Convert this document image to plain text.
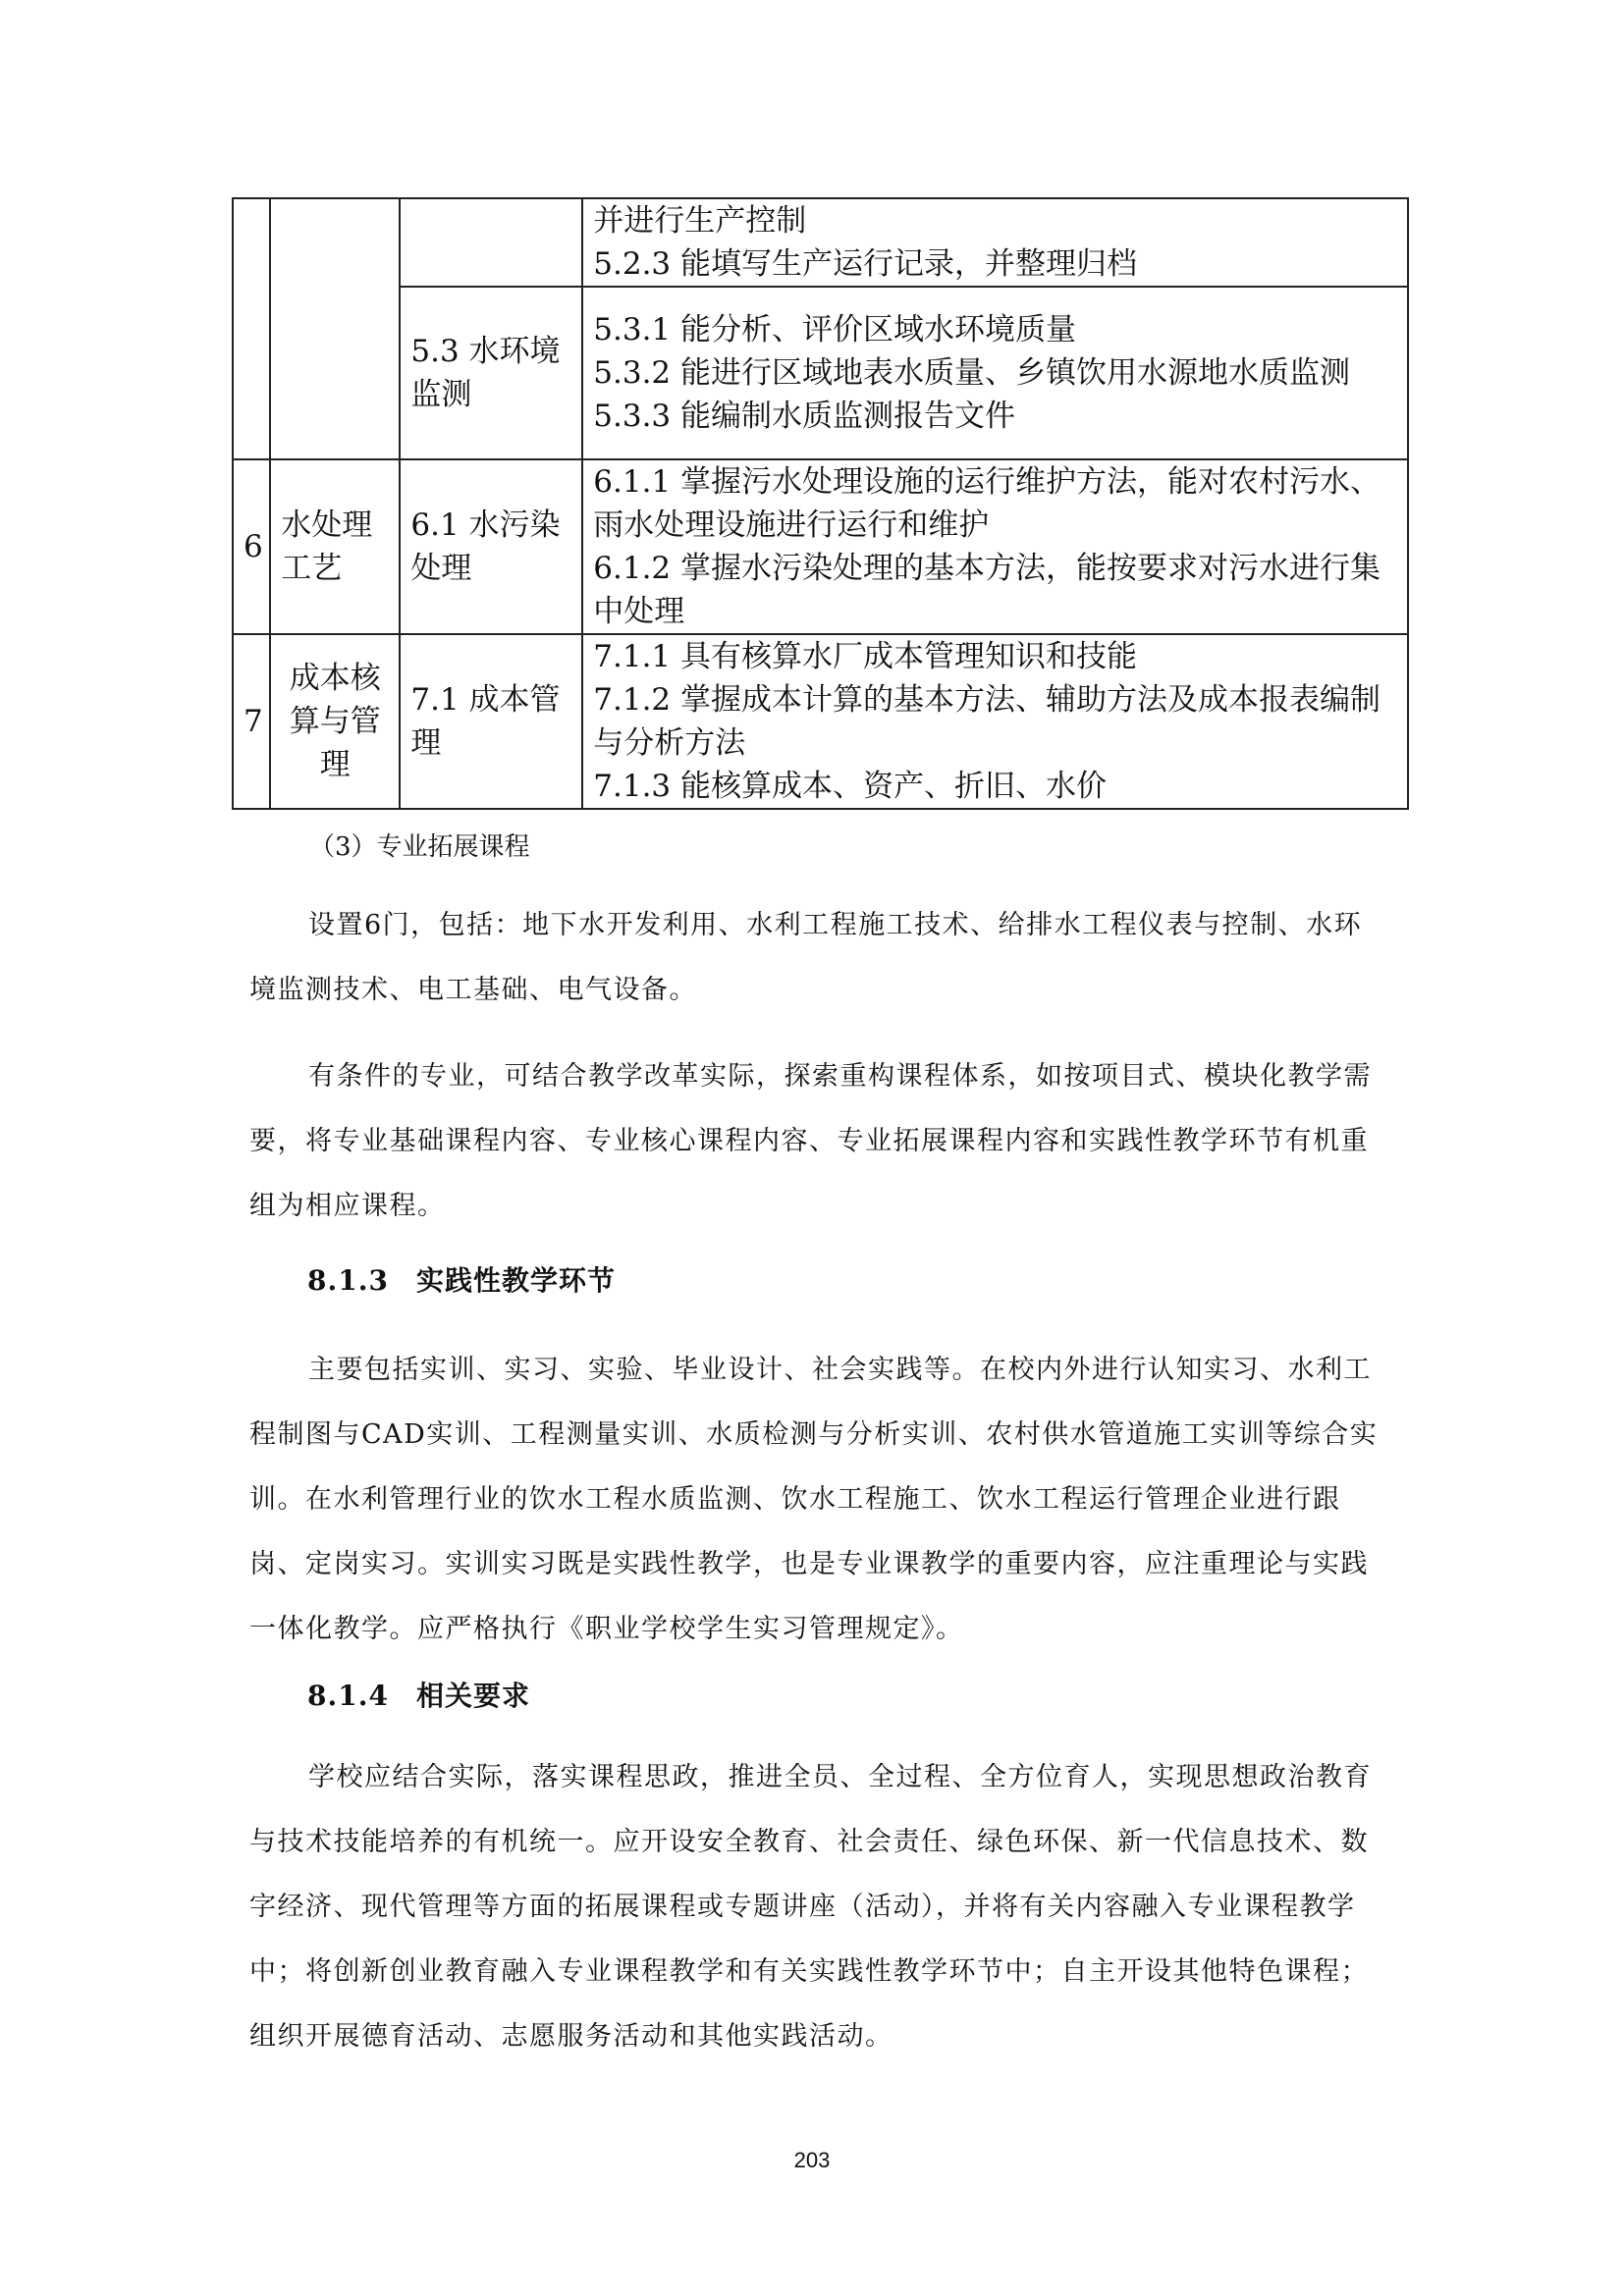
			并进行生产控制
5.2.3 能填写生产运行记录，并整理归档

		5.3 水环境监测	5.3.1 能分析、评价区域水环境质量
5.3.2 能进行区域地表水质量、乡镇饮用水源地水质监测
5.3.3 能编制水质监测报告文件

6	水处理工艺	6.1 水污染处理	6.1.1 掌握污水处理设施的运行维护方法，能对农村污水、雨水处理设施进行运行和维护
6.1.2 掌握水污染处理的基本方法，能按要求对污水进行集中处理

7	成本核算与管理	7.1 成本管理	7.1.1 具有核算水厂成本管理知识和技能
7.1.2 掌握成本计算的基本方法、辅助方法及成本报表编制与分析方法
7.1.3 能核算成本、资产、折旧、水价
（3）专业拓展课程

设置6门，包括：地下水开发利用、水利工程施工技术、给排水工程仪表与控制、水环境监测技术、电工基础、电气设备。

有条件的专业，可结合教学改革实际，探索重构课程体系，如按项目式、模块化教学需要，将专业基础课程内容、专业核心课程内容、专业拓展课程内容和实践性教学环节有机重组为相应课程。

8.1.3 实践性教学环节

主要包括实训、实习、实验、毕业设计、社会实践等。在校内外进行认知实习、水利工程制图与CAD实训、工程测量实训、水质检测与分析实训、农村供水管道施工实训等综合实训。在水利管理行业的饮水工程水质监测、饮水工程施工、饮水工程运行管理企业进行跟岗、定岗实习。实训实习既是实践性教学，也是专业课教学的重要内容，应注重理论与实践一体化教学。应严格执行《职业学校学生实习管理规定》。

8.1.4 相关要求

学校应结合实际，落实课程思政，推进全员、全过程、全方位育人，实现思想政治教育与技术技能培养的有机统一。应开设安全教育、社会责任、绿色环保、新一代信息技术、数字经济、现代管理等方面的拓展课程或专题讲座（活动），并将有关内容融入专业课程教学中；将创新创业教育融入专业课程教学和有关实践性教学环节中；自主开设其他特色课程；组织开展德育活动、志愿服务活动和其他实践活动。

203
